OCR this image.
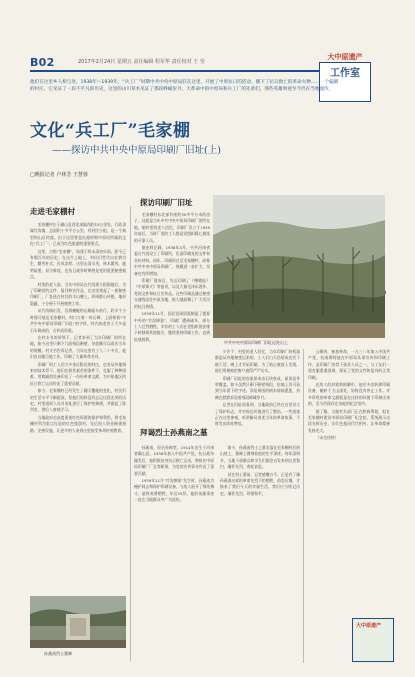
B02	2017年2月24日 星期五 责任编辑 程军华 责任校对 王 莹
大中原遗产
工作室
他们在这里乡人相与处，1938年～1939年，“兵工厂”时期中共中央中原局驻在这里，开展了中原抗日的活动，播下了抗日救亡的革命火种……一个偏僻的村庄，它见证了一段不平凡的历史，这里的山川草木见证了那段峥嵘岁月，大革命中的中原局和兵工厂的先辈们，那些英雄事迹至今仍在当地流传。
文化“兵工厂”毛家棚
——探访中共中央中原局印刷厂旧址(上)
□晚报记者 卢林芳 王慧蓉
走进毛家棚村
毛家棚村位于确山县西北部偏西约15公里处，行政隶属竹沟镇，总面积十多平方公里，有村民小组，是一个典型的山区村落。由于这里曾是抗战时期中原局所属的文化“兵工厂”，已成为红色旅游的重要景点。
这里，古称“毛家棚”，始建于明末清初年间，距今已有数百年的历史。在这片土地上，村民们世代以农耕为生，勤劳朴实，民风淳厚。这里山清水秀，林木繁茂，地势险要，易守难攻，在抗日战争时期曾是党的重要秘密据点。
村里的老人说，当年中原局在竹沟建立根据地后，为了印刷党的文件、报刊和宣传品，在这里建起了一座秘密印刷厂。厂址选在村后的半山腰上，四周群山环抱，地形隐蔽，十分便于开展秘密工作。
从竹沟镇出发，沿着蜿蜒的山路驱车前行，约半个小时便可抵达毛家棚村。村口立着一块石碑，上面刻着“中共中央中原局印刷厂旧址”的字样。村内的老房子大多是石头砌成的，古朴而厚重。
在村支书的带领下，记者来到了当年印刷厂的所在地。如今这里只剩下几间残垣断壁，但依稀可以看出当年的规模。村支书告诉记者，当年这里有工人二十多名，他们夜以继日地工作，印制了大量革命书刊。
印刷厂的工人们大多来自附近的村庄，也有从外地调来的技术骨干。他们在极其艰苦的条件下，克服了种种困难，用简陋的设备印出了一份份革命文献，为中原地区的抗日救亡运动作出了重要贡献。
如今，毛家棚村已经发生了翻天覆地的变化，村民们的生活水平不断提高，但他们始终没有忘记这段光荣的历史。村里组织人员对旧址进行了保护性修缮，并建起了陈列室，供后人参观学习。
当地政府也高度重视红色资源的保护和利用，将毛家棚村列为重点打造的红色旅游村，先后投入资金修建道路、完善设施，让更多的人来到这里接受革命传统教育。
孙燕南烈士墓碑
探访印刷厂旧址
毛家棚村东北部有座约30多平方米的房子，这就是当年中共中央中原局印刷厂的所在地。据村里的老人回忆，印刷厂设立于1939年前后，当时厂里的工人都是党组织精心挑选的可靠人员。
据史料记载，1938年4月，中共河南省委在竹沟设立了印刷所，负责印刷党的文件和宣传材料。同年，印刷所迁至毛家棚村，改称中共中央中原局印刷厂，规模进一步扩大，设备也有所增加。
印刷厂建成后，先后印刷了《拂晓报》《中原烽火》等报刊，以及大量毛泽东著作、党的文件和抗日宣传品。这些印刷品通过秘密交通线送往中原各地，极大地鼓舞了广大军民的抗日热情。
1939年11月，国民党顽固派制造了震惊中外的“竹沟惨案”，印刷厂遭到破坏，部分工人壮烈牺牲。幸存的工人们在党组织的安排下转移到其他地方，继续坚持印刷工作，直到抗战胜利。
中共中央中原局印刷厂旧址远处山上
少许于：村里的老人回忆，当年印刷厂的机器都是从外地秘密运来的，工人们白天伪装成农民下地干活，晚上才开始印刷。为了防止被敌人发现，他们用棉被把窗户遮得严严实实。
印刷厂旧址的房屋原本由石块垒成，屋顶是茅草覆盖。如今虽然只剩下断壁残垣，但墙上仍可看到当年留下的字迹。旧址周围的树木郁郁葱葱，仿佛在默默诉说着那段峥嵘岁月。
记者在旧址前看到，当地政府已经在这里设立了保护标志，并对周边环境进行了整治。一些游客正在这里参观，听讲解员讲述当年的革命故事，不时发出阵阵赞叹。
拜谒烈士孙燕南之墓
孙燕南，原名孙锦堂，1914年出生于河南省确山县，1936年加入中国共产党。抗日战争爆发后，他积极投身抗日救亡运动，曾担任中原局印刷厂厂长等职务，为党的宣传事业作出了重要贡献。
1939年11月“竹沟惨案”发生时，孙燕南为掩护同志和保护印刷设备，与敌人展开了殊死搏斗，最终英勇牺牲，年仅25岁。他的英雄事迹一直在当地群众中广为流传。
如今，孙燕南烈士之墓坐落在毛家棚村后的山坡上，墓碑上镌刻着他的生平事迹。每年清明节，当地干部群众和学生们都会自发来到这里祭扫，缅怀先烈，寄托哀思。
站在烈士墓前，记者感慨万千。正是有了像孙燕南这样的革命先烈不怕牺牲、前赴后继，才换来了我们今天的幸福生活。我们应当铭记历史，缅怀先烈，珍惜和平。
云朝的，参加革命，一九三八年加入中国共产党。抗战期间他在中原局从事宣传和印刷工作，是印刷厂的骨干技术人员之一，与工友们一道克服重重困难，保证了党的文件和报刊的正常印刷。
在敌人的封锁和围剿中，他们多次转移印刷设备，辗转于大山深处，始终没有停止工作。许多珍贵的革命文献就是在这样的环境下印制出来的，至今仍保存在各地的纪念馆中。
据了解，当地有关部门正在积极筹划，拟在毛家棚村建设中原局印刷厂纪念馆，系统展示这段光辉历史，让红色基因代代相传，让革命精神发扬光大。
（未完待续）
大中原遗产
